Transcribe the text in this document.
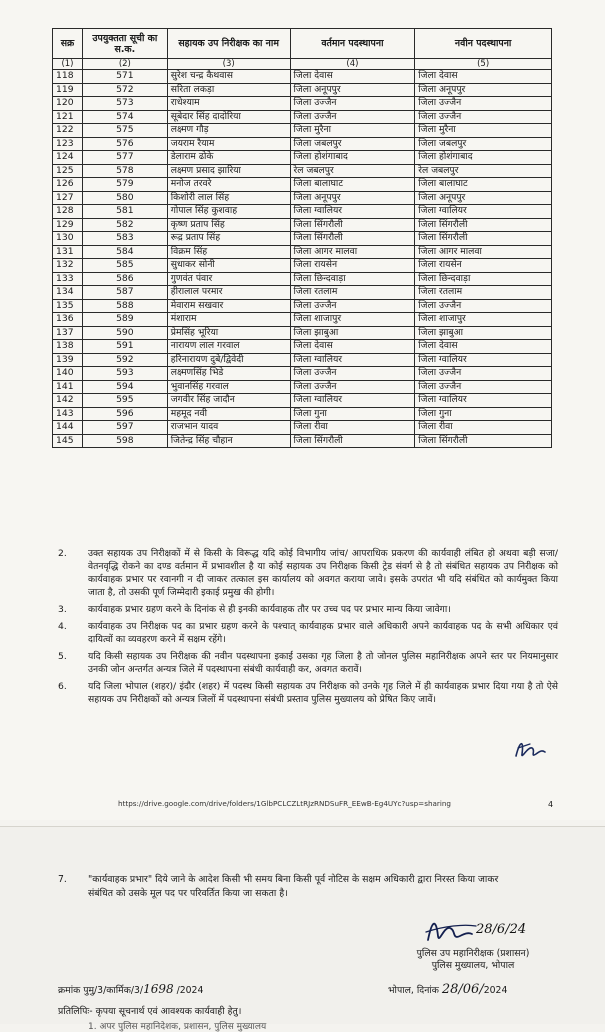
सक्र	उपयुक्तता सूची का स.क.	सहायक उप निरीक्षक का नाम	वर्तमान पदस्थापना	नवीन पदस्थापना
(1)	(2)	(3)	(4)	(5)
118	571	सुरेश चन्द्र कैथवास	जिला देवास	जिला देवास
119	572	सरिता लकड़ा	जिला अनूपपुर	जिला अनूपपुर
120	573	राधेश्याम	जिला उज्जैन	जिला उज्जैन
121	574	सूबेदार सिंह दादोरिया	जिला उज्जैन	जिला उज्जैन
122	575	लक्ष्मण गौड़	जिला मुरैना	जिला मुरैना
123	576	जयराम रैयाम	जिला जबलपुर	जिला जबलपुर
124	577	डेलाराम ढोके	जिला होशंगाबाद	जिला होशंगाबाद
125	578	लक्ष्मण प्रसाद झारिया	रेल जबलपुर	रेल जबलपुर
126	579	मनोज तरवरे	जिला बालाघाट	जिला बालाघाट
127	580	किशोरी लाल सिंह	जिला अनूपपुर	जिला अनूपपुर
128	581	गोपाल सिंह कुशवाह	जिला ग्वालियर	जिला ग्वालियर
129	582	कृष्ण प्रताप सिंह	जिला सिंगरौली	जिला सिंगरौली
130	583	रूद्र प्रताप सिंह	जिला सिंगरौली	जिला सिंगरौली
131	584	विक्रम सिंह	जिला आगर मालवा	जिला आगर मालवा
132	585	सुधाकर सोनी	जिला रायसेन	जिला रायसेन
133	586	गुणवंत पंवार	जिला छिन्दवाड़ा	जिला छिन्दवाड़ा
134	587	हीरालाल परमार	जिला रतलाम	जिला रतलाम
135	588	मेवाराम सखवार	जिला उज्जैन	जिला उज्जैन
136	589	मंशाराम	जिला शाजापुर	जिला शाजापुर
137	590	प्रेमसिंह भूरिया	जिला झाबुआ	जिला झाबुआ
138	591	नारायण लाल गरवाल	जिला देवास	जिला देवास
139	592	हरिनारायण दुबे/द्विवेदी	जिला ग्वालियर	जिला ग्वालियर
140	593	लक्ष्मणसिंह भिडे	जिला उज्जैन	जिला उज्जैन
141	594	भुवानसिंह गरवाल	जिला उज्जैन	जिला उज्जैन
142	595	जगवीर सिंह जादौन	जिला ग्वालियर	जिला ग्वालियर
143	596	महमूद नवी	जिला गुना	जिला गुना
144	597	राजभान यादव	जिला रीवा	जिला रीवा
145	598	जितेन्द्र सिंह चौहान	जिला सिंगरौली	जिला सिंगरौली
2. उक्त सहायक उप निरीक्षकों में से किसी के विरूद्ध यदि कोई विभागीय जांच/ आपराधिक प्रकरण की कार्यवाही लंबित हो अथवा बड़ी सजा/ वेतनवृद्धि रोकने का दण्ड वर्तमान में प्रभावशील है या कोई सहायक उप निरीक्षक किसी ट्रेड संवर्ग से है तो संबंधित सहायक उप निरीक्षक को कार्यवाहक प्रभार पर रवानगी न दी जाकर तत्काल इस कार्यालय को अवगत कराया जावे। इसके उपरांत भी यदि संबंधित को कार्यमुक्त किया जाता है, तो उसकी पूर्ण जिम्मेदारी इकाई प्रमुख की होगी।
3. कार्यवाहक प्रभार ग्रहण करने के दिनांक से ही इनकी कार्यवाहक तौर पर उच्च पद पर प्रभार मान्य किया जावेगा।
4. कार्यवाहक उप निरीक्षक पद का प्रभार ग्रहण करने के पश्चात् कार्यवाहक प्रभार वाले अधिकारी अपने कार्यवाहक पद के सभी अधिकार एवं दायित्वों का व्यवहरण करने में सक्षम रहेंगे।
5. यदि किसी सहायक उप निरीक्षक की नवीन पदस्थापना इकाई उसका गृह जिला है तो जोनल पुलिस महानिरीक्षक अपने स्तर पर नियमानुसार उनकी जोन अन्तर्गत अन्यत्र जिले में पदस्थापना संबंधी कार्यवाही कर, अवगत करावें।
6. यदि जिला भोपाल (शहर)/ इंदौर (शहर) में पदस्थ किसी सहायक उप निरीक्षक को उनके गृह जिले में ही कार्यवाहक प्रभार दिया गया है तो ऐसे सहायक उप निरीक्षकों को अन्यत्र जिलों में पदस्थापना संबंधी प्रस्ताव पुलिस मुख्यालय को प्रेषित किए जावें।
https://drive.google.com/drive/folders/1GlbPCLCZLtRJzRNDSuFR_EEwB-Eg4UYc?usp=sharing	4
7. "कार्यवाहक प्रभार" दिये जाने के आदेश किसी भी समय बिना किसी पूर्व नोटिस के सक्षम अधिकारी द्वारा निरस्त किया जाकर संबंधित को उसके मूल पद पर परिवर्तित किया जा सकता है।
28/6/24
पुलिस उप महानिरीक्षक (प्रशासन)
पुलिस मुख्यालय, भोपाल
क्रमांक पुमु/3/कार्मिक/3/1698 /2024	भोपाल, दिनांक 28/06/2024
प्रतिलिपिः- कृपया सूचनार्थ एवं आवश्यक कार्यवाही हेतु।
1. अपर पुलिस महानिदेशक, प्रशासन, पुलिस मुख्यालय
